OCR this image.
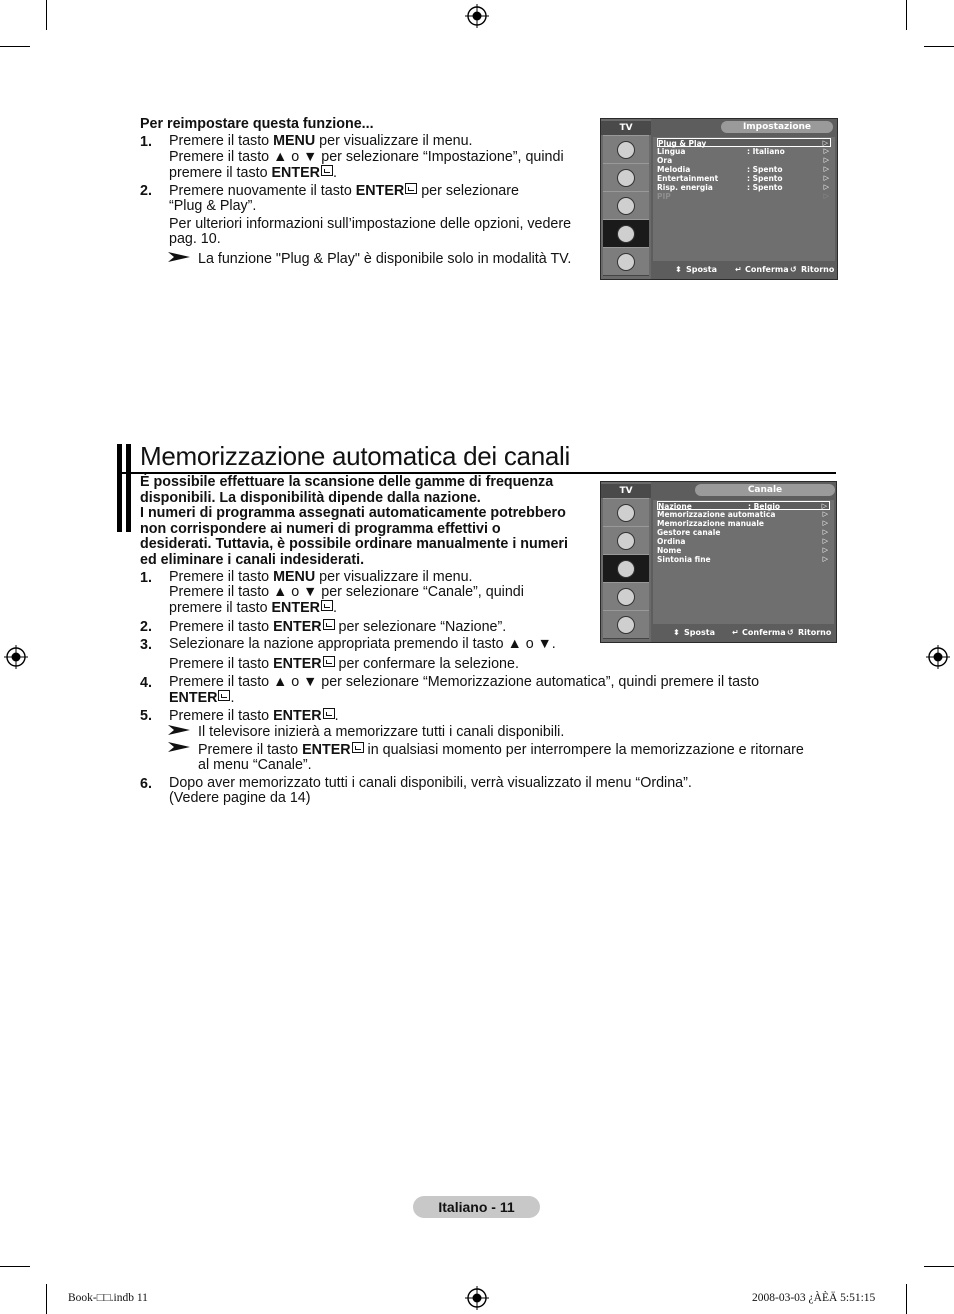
Per reimpostare questa funzione...
1. Premere il tasto MENU per visualizzare il menu.
Premere il tasto ▲ o ▼ per selezionare “Impostazione”, quindi
premere il tasto ENTER .
2. Premere nuovamente il tasto ENTER per selezionare
“Plug & Play”.
Per ulteriori informazioni sull’impostazione delle opzioni, vedere
pag. 10.
La funzione "Plug & Play" è disponibile solo in modalità TV.
TV	Impostazione
Plug & Play	▷
Lingua	: Italiano	▷
Ora	▷
Melodia	: Spento	▷
Entertainment	: Spento	▷
Risp. energia	: Spento	▷
PIP	▷
⬍ Sposta ↵ Conferma ↺ Ritorno
Memorizzazione automatica dei canali
È possibile effettuare la scansione delle gamme di frequenza
disponibili. La disponibilità dipende dalla nazione.
I numeri di programma assegnati automaticamente potrebbero
non corrispondere ai numeri di programma effettivi o
desiderati. Tuttavia, è possibile ordinare manualmente i numeri
ed eliminare i canali indesiderati.
1. Premere il tasto MENU per visualizzare il menu.
Premere il tasto ▲ o ▼ per selezionare “Canale”, quindi
premere il tasto ENTER .
2. Premere il tasto ENTER per selezionare “Nazione”.
3. Selezionare la nazione appropriata premendo il tasto ▲ o ▼.
Premere il tasto ENTER per confermare la selezione.
4. Premere il tasto ▲ o ▼ per selezionare “Memorizzazione automatica”, quindi premere il tasto
ENTER .
5. Premere il tasto ENTER .
Il televisore inizierà a memorizzare tutti i canali disponibili.
Premere il tasto ENTER in qualsiasi momento per interrompere la memorizzazione e ritornare
al menu “Canale”.
6. Dopo aver memorizzato tutti i canali disponibili, verrà visualizzato il menu “Ordina”.
(Vedere pagine da 14)
TV	Canale
Nazione	: Belgio	▷
Memorizzazione automatica	▷
Memorizzazione manuale	▷
Gestore canale	▷
Ordina	▷
Nome	▷
Sintonia fine	▷
⬍ Sposta ↵ Conferma ↺ Ritorno
Italiano - 11
Book-□□.indb 11	2008-03-03 ¿ÀÈÄ 5:51:15
